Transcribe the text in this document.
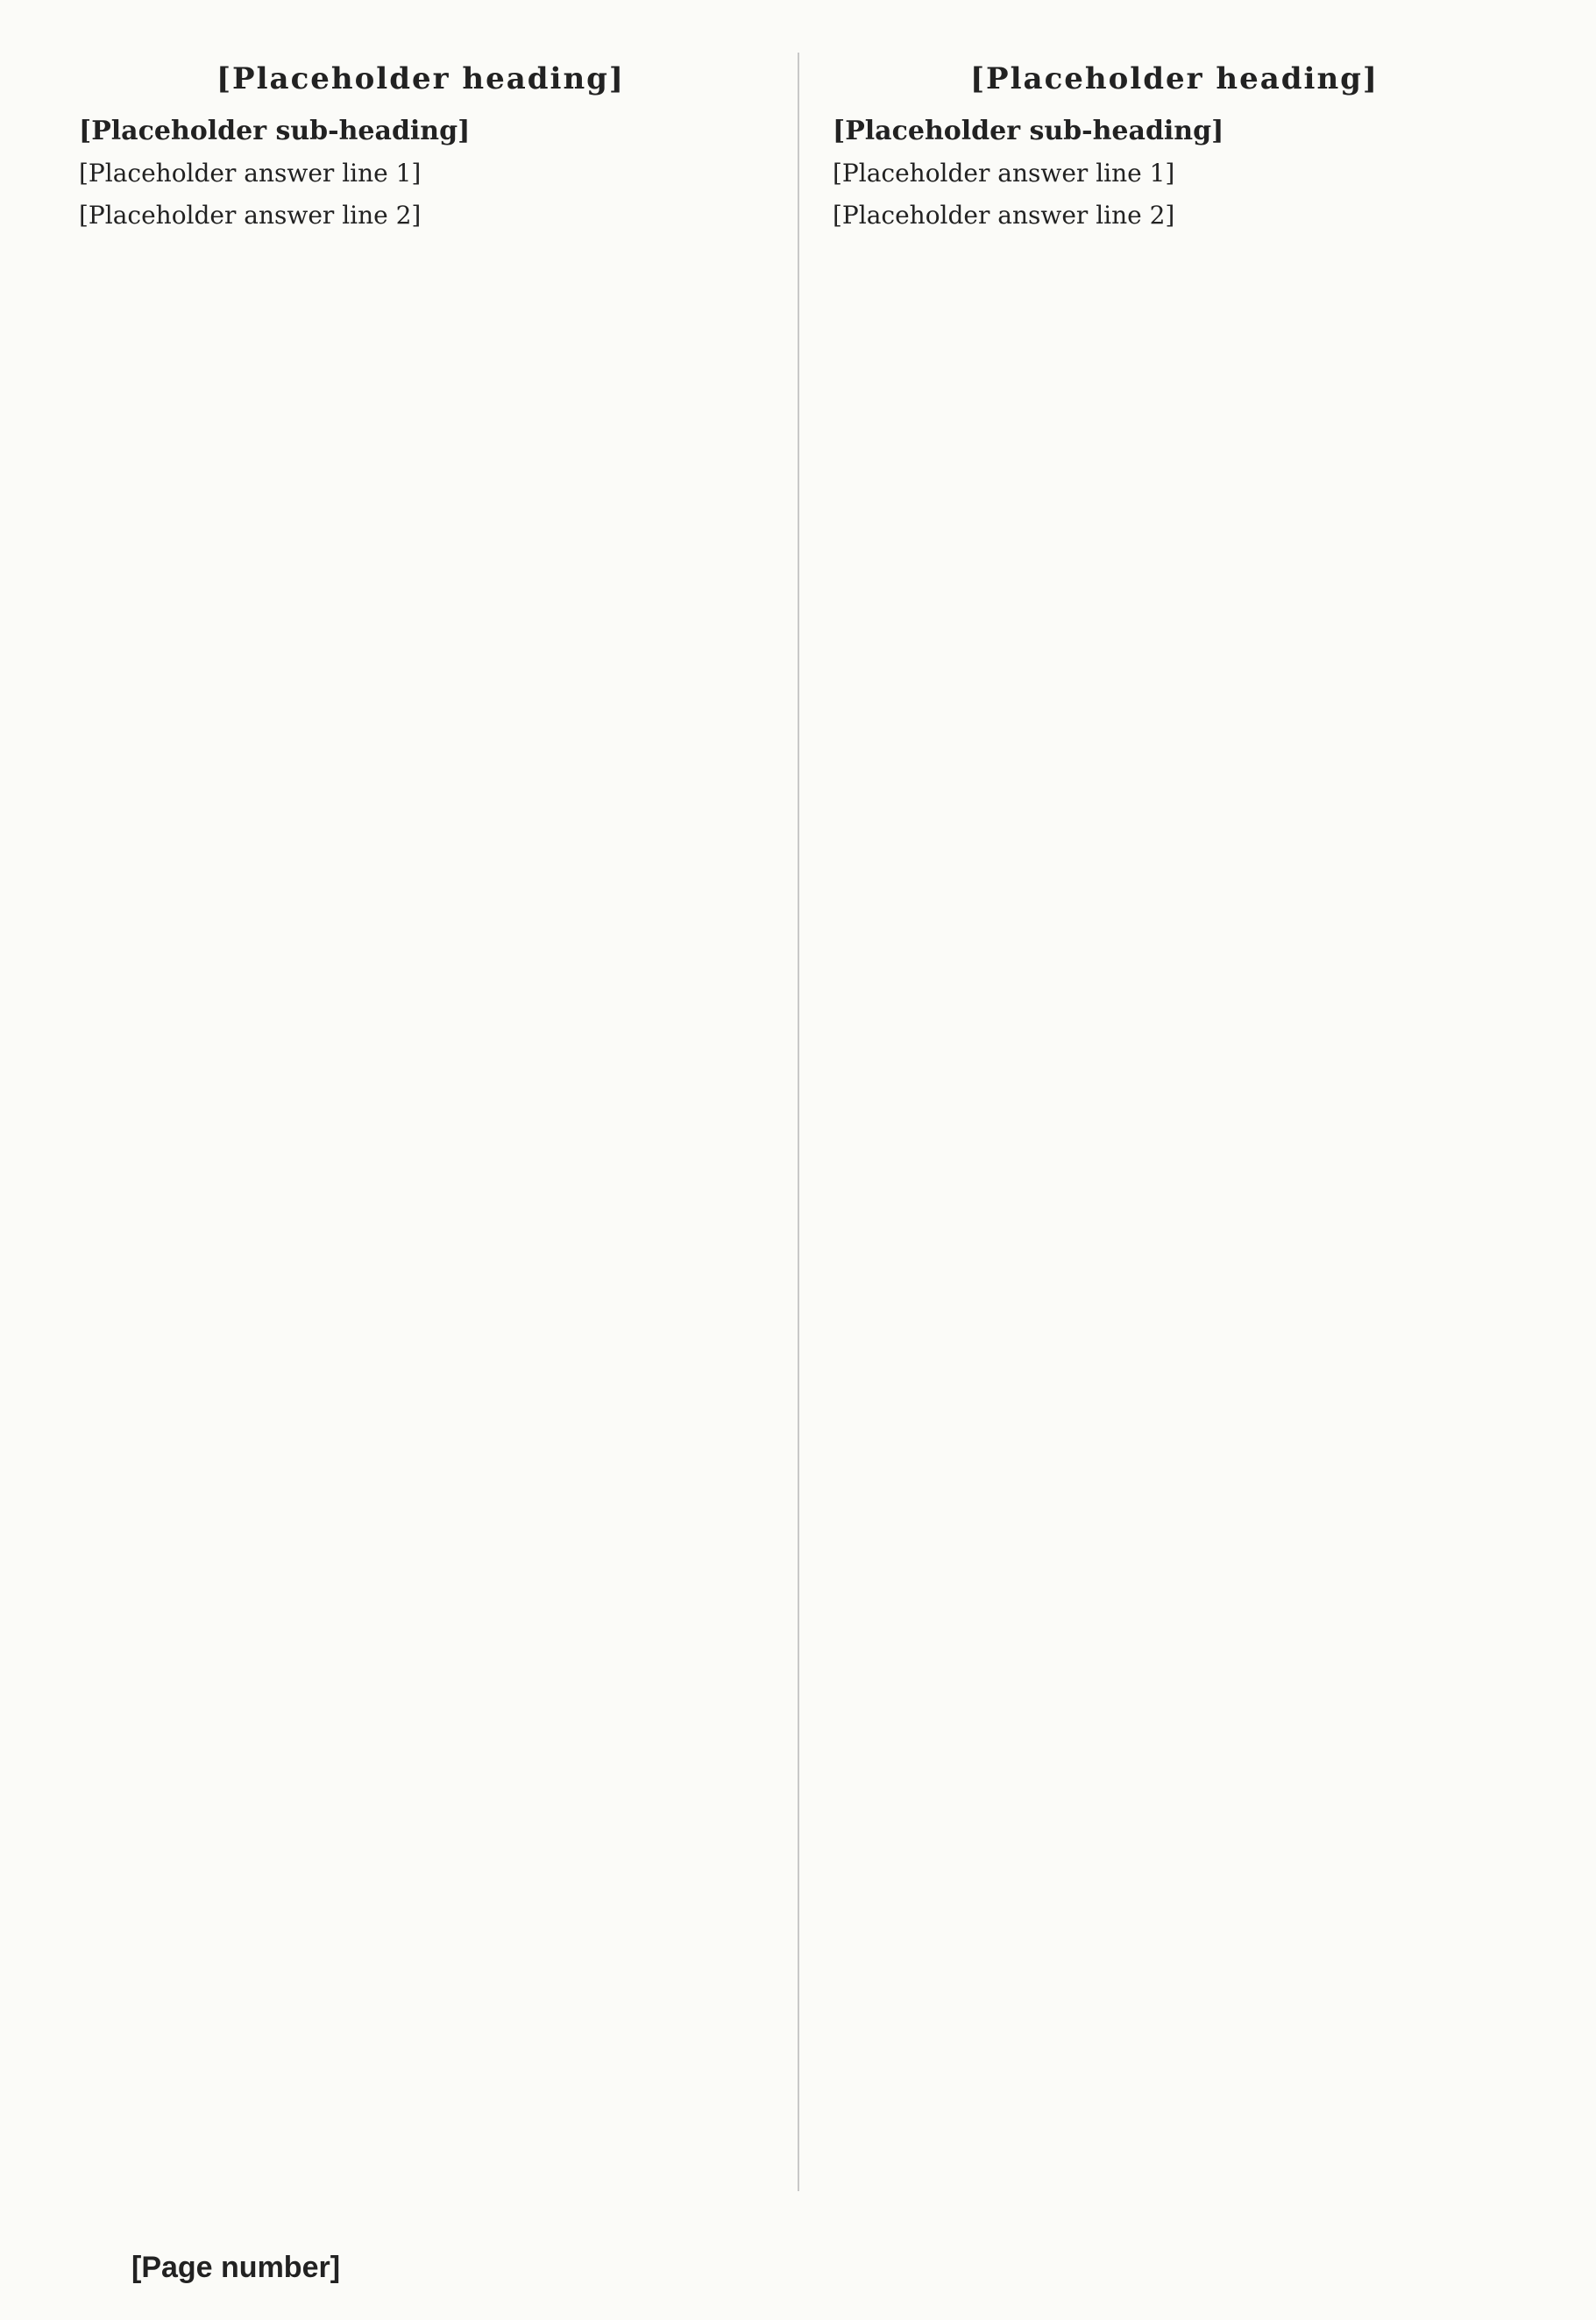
[Placeholder heading]
[Placeholder sub-heading]
[Placeholder answer line 1]
[Placeholder answer line 2]
[Placeholder heading]
[Placeholder sub-heading]
[Placeholder answer line 1]
[Placeholder answer line 2]
[Page number]
